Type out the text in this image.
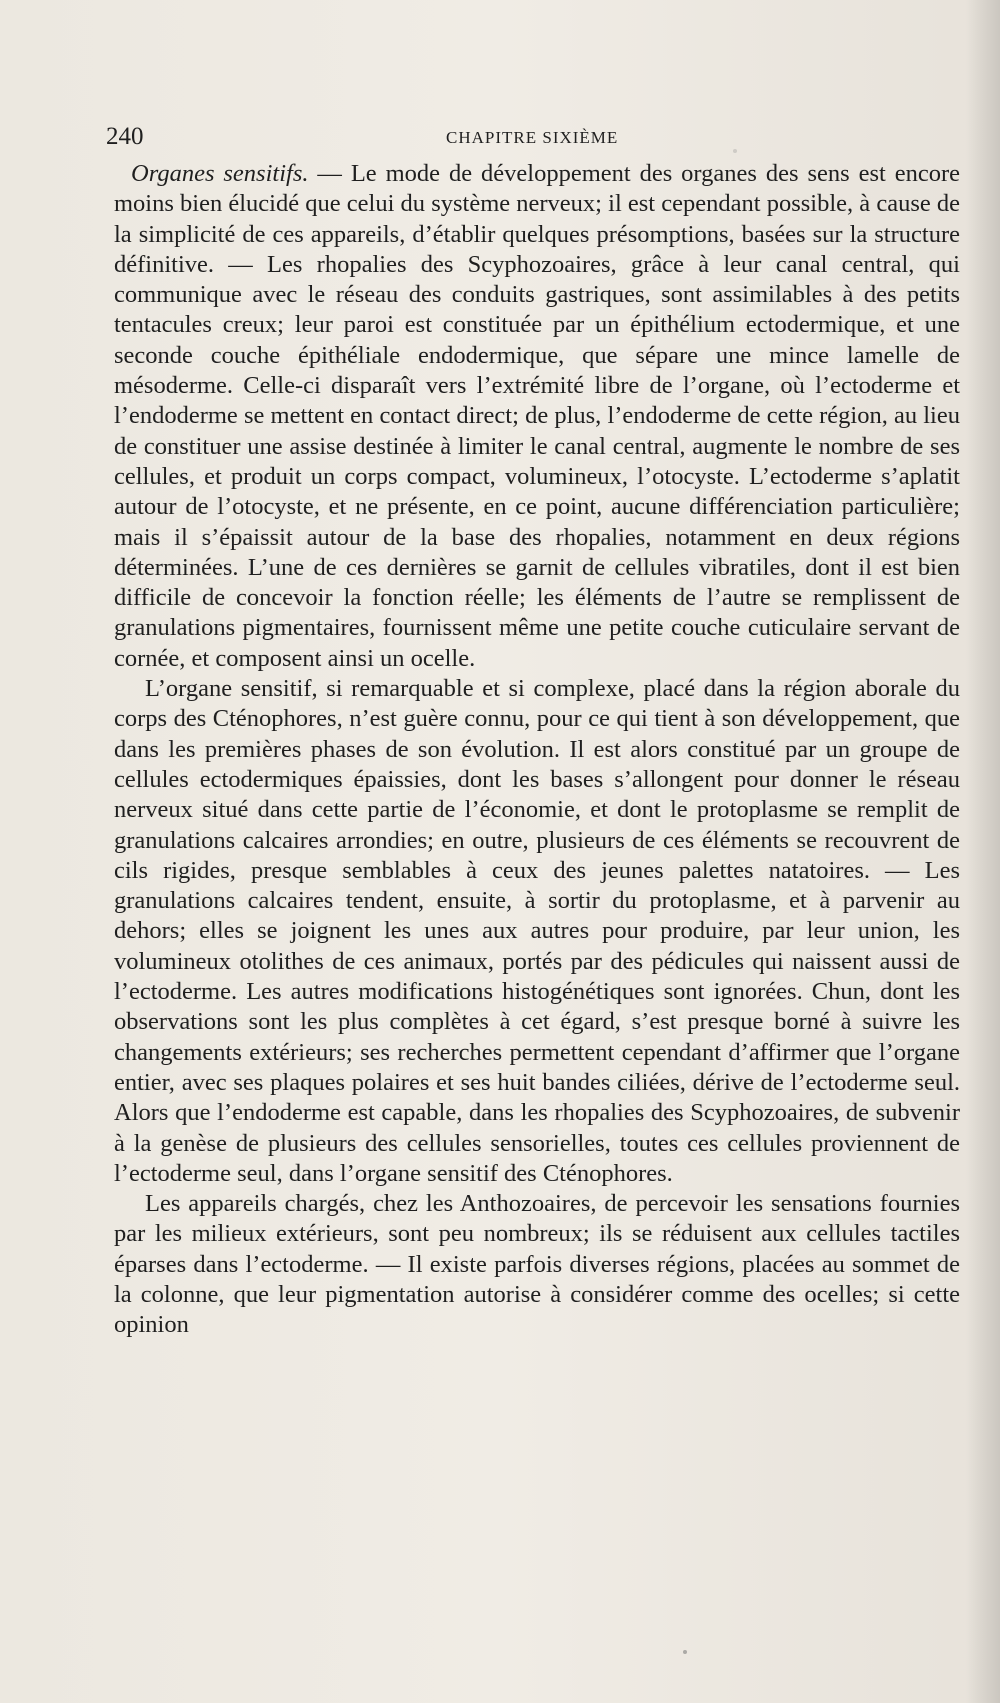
240	CHAPITRE SIXIÈME

Organes sensitifs. — Le mode de développement des organes des sens est encore moins bien élucidé que celui du système nerveux; il est cependant possible, à cause de la simplicité de ces appareils, d’établir quelques présomptions, basées sur la structure définitive. — Les rhopalies des Scyphozoaires, grâce à leur canal central, qui communique avec le réseau des conduits gastriques, sont assimilables à des petits tentacules creux; leur paroi est constituée par un épithélium ectodermique, et une seconde couche épithéliale endodermique, que sépare une mince lamelle de mésoderme. Celle-ci disparaît vers l’extrémité libre de l’organe, où l’ectoderme et l’endoderme se mettent en contact direct; de plus, l’endoderme de cette région, au lieu de constituer une assise destinée à limiter le canal central, augmente le nombre de ses cellules, et produit un corps compact, volumineux, l’otocyste. L’ectoderme s’aplatit autour de l’otocyste, et ne présente, en ce point, aucune différenciation particulière; mais il s’épaissit autour de la base des rhopalies, notamment en deux régions déterminées. L’une de ces dernières se garnit de cellules vibratiles, dont il est bien difficile de concevoir la fonction réelle; les éléments de l’autre se remplissent de granulations pigmentaires, fournissent même une petite couche cuticulaire servant de cornée, et composent ainsi un ocelle.

L’organe sensitif, si remarquable et si complexe, placé dans la région aborale du corps des Cténophores, n’est guère connu, pour ce qui tient à son développement, que dans les premières phases de son évolution. Il est alors constitué par un groupe de cellules ectodermiques épaissies, dont les bases s’allongent pour donner le réseau nerveux situé dans cette partie de l’économie, et dont le protoplasme se remplit de granulations calcaires arrondies; en outre, plusieurs de ces éléments se recouvrent de cils rigides, presque semblables à ceux des jeunes palettes natatoires. — Les granulations calcaires tendent, ensuite, à sortir du protoplasme, et à parvenir au dehors; elles se joignent les unes aux autres pour produire, par leur union, les volumineux otolithes de ces animaux, portés par des pédicules qui naissent aussi de l’ectoderme. Les autres modifications histogénétiques sont ignorées. Chun, dont les observations sont les plus complètes à cet égard, s’est presque borné à suivre les changements extérieurs; ses recherches permettent cependant d’affirmer que l’organe entier, avec ses plaques polaires et ses huit bandes ciliées, dérive de l’ectoderme seul. Alors que l’endoderme est capable, dans les rhopalies des Scyphozoaires, de subvenir à la genèse de plusieurs des cellules sensorielles, toutes ces cellules proviennent de l’ectoderme seul, dans l’organe sensitif des Cténophores.

Les appareils chargés, chez les Anthozoaires, de percevoir les sensations fournies par les milieux extérieurs, sont peu nombreux; ils se réduisent aux cellules tactiles éparses dans l’ectoderme. — Il existe parfois diverses régions, placées au sommet de la colonne, que leur pigmentation autorise à considérer comme des ocelles; si cette opinion
